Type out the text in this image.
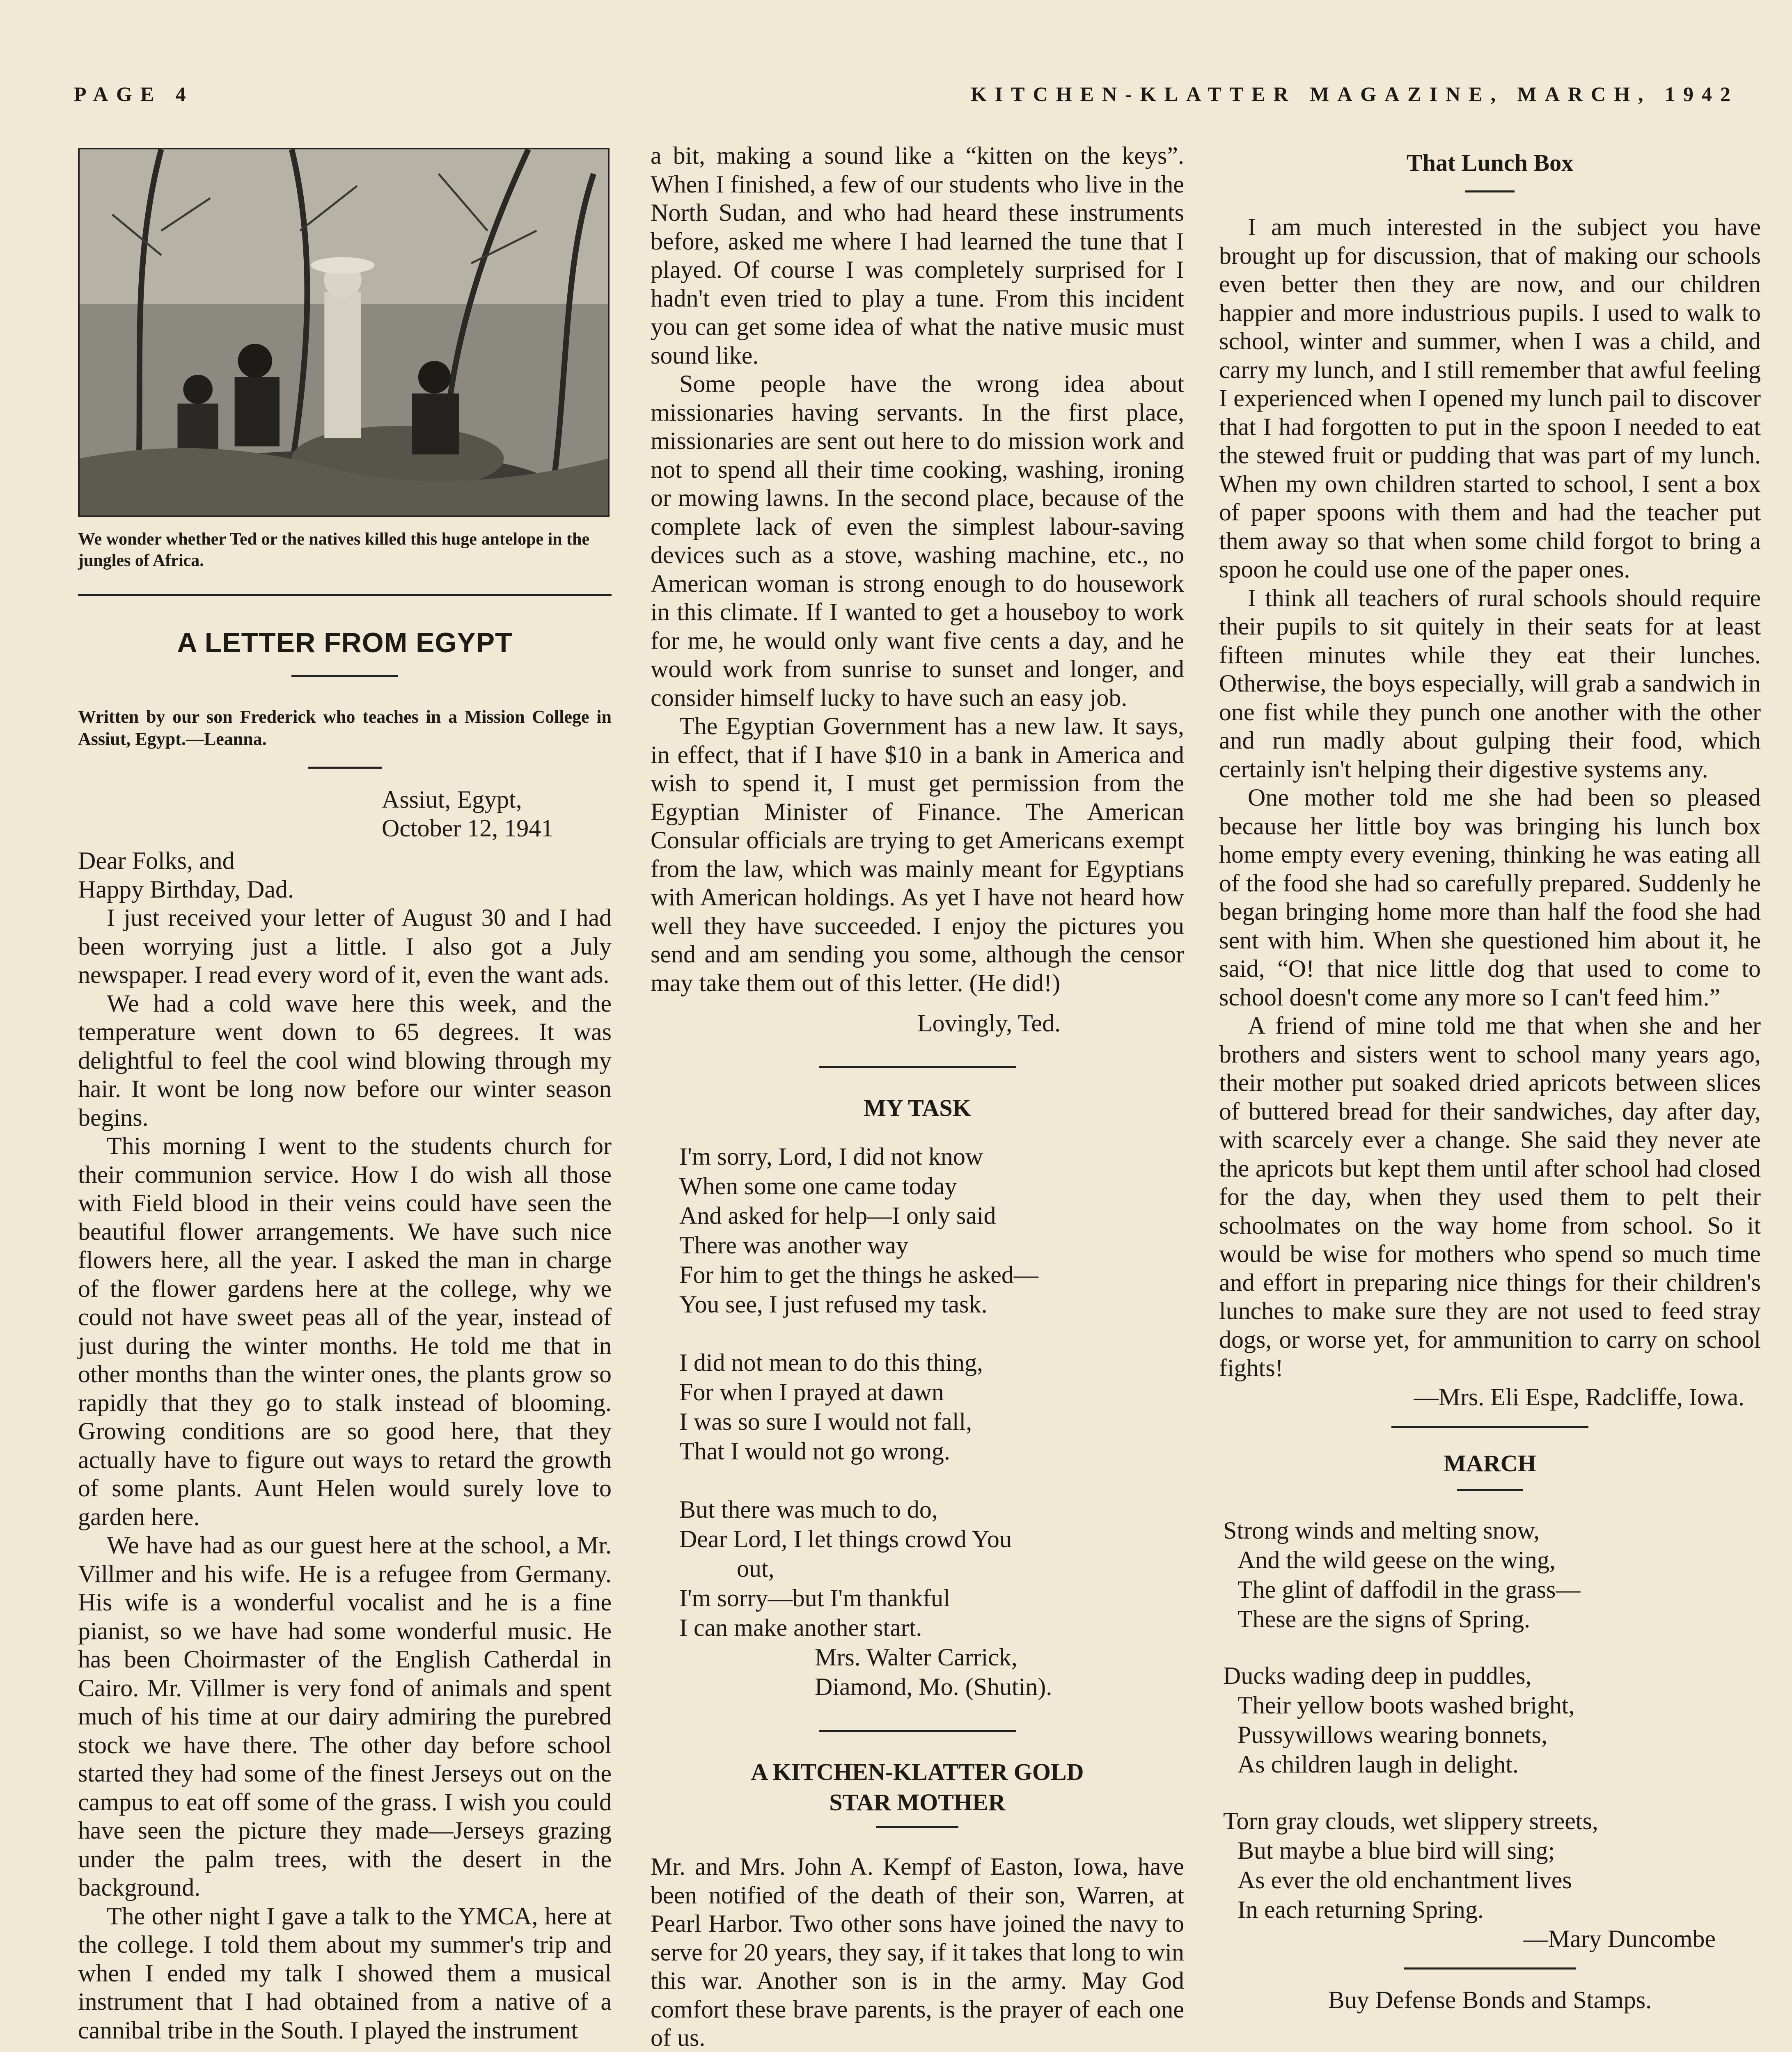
PAGE 4	KITCHEN-KLATTER MAGAZINE, MARCH, 1942

We wonder whether Ted or the natives killed this huge antelope in the jungles of Africa.

A LETTER FROM EGYPT

Written by our son Frederick who teaches in a Mission College in Assiut, Egypt.—Leanna.

Assiut, Egypt,
October 12, 1941

Dear Folks, and

Happy Birthday, Dad.

I just received your letter of August 30 and I had been worrying just a little. I also got a July newspaper. I read every word of it, even the want ads.

We had a cold wave here this week, and the temperature went down to 65 degrees. It was delightful to feel the cool wind blowing through my hair. It wont be long now before our winter season begins.

This morning I went to the students church for their communion service. How I do wish all those with Field blood in their veins could have seen the beautiful flower arrangements. We have such nice flowers here, all the year. I asked the man in charge of the flower gardens here at the college, why we could not have sweet peas all of the year, instead of just during the winter months. He told me that in other months than the winter ones, the plants grow so rapidly that they go to stalk instead of blooming. Growing conditions are so good here, that they actually have to figure out ways to retard the growth of some plants. Aunt Helen would surely love to garden here.

We have had as our guest here at the school, a Mr. Villmer and his wife. He is a refugee from Germany. His wife is a wonderful vocalist and he is a fine pianist, so we have had some wonderful music. He has been Choirmaster of the English Catherdal in Cairo. Mr. Villmer is very fond of animals and spent much of his time at our dairy admiring the purebred stock we have there. The other day before school started they had some of the finest Jerseys out on the campus to eat off some of the grass. I wish you could have seen the picture they made—Jerseys grazing under the palm trees, with the desert in the background.

The other night I gave a talk to the YMCA, here at the college. I told them about my summer's trip and when I ended my talk I showed them a musical instrument that I had obtained from a native of a cannibal tribe in the South. I played the instrument

a bit, making a sound like a “kitten on the keys”. When I finished, a few of our students who live in the North Sudan, and who had heard these instruments before, asked me where I had learned the tune that I played. Of course I was completely surprised for I hadn't even tried to play a tune. From this incident you can get some idea of what the native music must sound like.

Some people have the wrong idea about missionaries having servants. In the first place, missionaries are sent out here to do mission work and not to spend all their time cooking, washing, ironing or mowing lawns. In the second place, because of the complete lack of even the simplest labour-saving devices such as a stove, washing machine, etc., no American woman is strong enough to do housework in this climate. If I wanted to get a houseboy to work for me, he would only want five cents a day, and he would work from sunrise to sunset and longer, and consider himself lucky to have such an easy job.

The Egyptian Government has a new law. It says, in effect, that if I have $10 in a bank in America and wish to spend it, I must get permission from the Egyptian Minister of Finance. The American Consular officials are trying to get Americans exempt from the law, which was mainly meant for Egyptians with American holdings. As yet I have not heard how well they have succeeded. I enjoy the pictures you send and am sending you some, although the censor may take them out of this letter. (He did!)

Lovingly, Ted.
MY TASK
I'm sorry, Lord, I did not know
When some one came today
And asked for help—I only said
There was another way
For him to get the things he asked—
You see, I just refused my task.
I did not mean to do this thing,
For when I prayed at dawn
I was so sure I would not fall,
That I would not go wrong.
But there was much to do,
Dear Lord, I let things crowd You
out,
I'm sorry—but I'm thankful
I can make another start.
Mrs. Walter Carrick,
Diamond, Mo. (Shutin).
A KITCHEN-KLATTER GOLD
STAR MOTHER

Mr. and Mrs. John A. Kempf of Easton, Iowa, have been notified of the death of their son, Warren, at Pearl Harbor. Two other sons have joined the navy to serve for 20 years, they say, if it takes that long to win this war. Another son is in the army. May God comfort these brave parents, is the prayer of each one of us.

That Lunch Box

I am much interested in the subject you have brought up for discussion, that of making our schools even better then they are now, and our children happier and more industrious pupils. I used to walk to school, winter and summer, when I was a child, and carry my lunch, and I still remember that awful feeling I experienced when I opened my lunch pail to discover that I had forgotten to put in the spoon I needed to eat the stewed fruit or pudding that was part of my lunch. When my own children started to school, I sent a box of paper spoons with them and had the teacher put them away so that when some child forgot to bring a spoon he could use one of the paper ones.

I think all teachers of rural schools should require their pupils to sit quitely in their seats for at least fifteen minutes while they eat their lunches. Otherwise, the boys especially, will grab a sandwich in one fist while they punch one another with the other and run madly about gulping their food, which certainly isn't helping their digestive systems any.

One mother told me she had been so pleased because her little boy was bringing his lunch box home empty every evening, thinking he was eating all of the food she had so carefully prepared. Suddenly he began bringing home more than half the food she had sent with him. When she questioned him about it, he said, “O! that nice little dog that used to come to school doesn't come any more so I can't feed him.”

A friend of mine told me that when she and her brothers and sisters went to school many years ago, their mother put soaked dried apricots between slices of buttered bread for their sandwiches, day after day, with scarcely ever a change. She said they never ate the apricots but kept them until after school had closed for the day, when they used them to pelt their schoolmates on the way home from school. So it would be wise for mothers who spend so much time and effort in preparing nice things for their children's lunches to make sure they are not used to feed stray dogs, or worse yet, for ammunition to carry on school fights!

—Mrs. Eli Espe, Radcliffe, Iowa.
MARCH
Strong winds and melting snow,
And the wild geese on the wing,
The glint of daffodil in the grass—
These are the signs of Spring.
Ducks wading deep in puddles,
Their yellow boots washed bright,
Pussywillows wearing bonnets,
As children laugh in delight.
Torn gray clouds, wet slippery streets,
But maybe a blue bird will sing;
As ever the old enchantment lives
In each returning Spring.
—Mary Duncombe
Buy Defense Bonds and Stamps.
